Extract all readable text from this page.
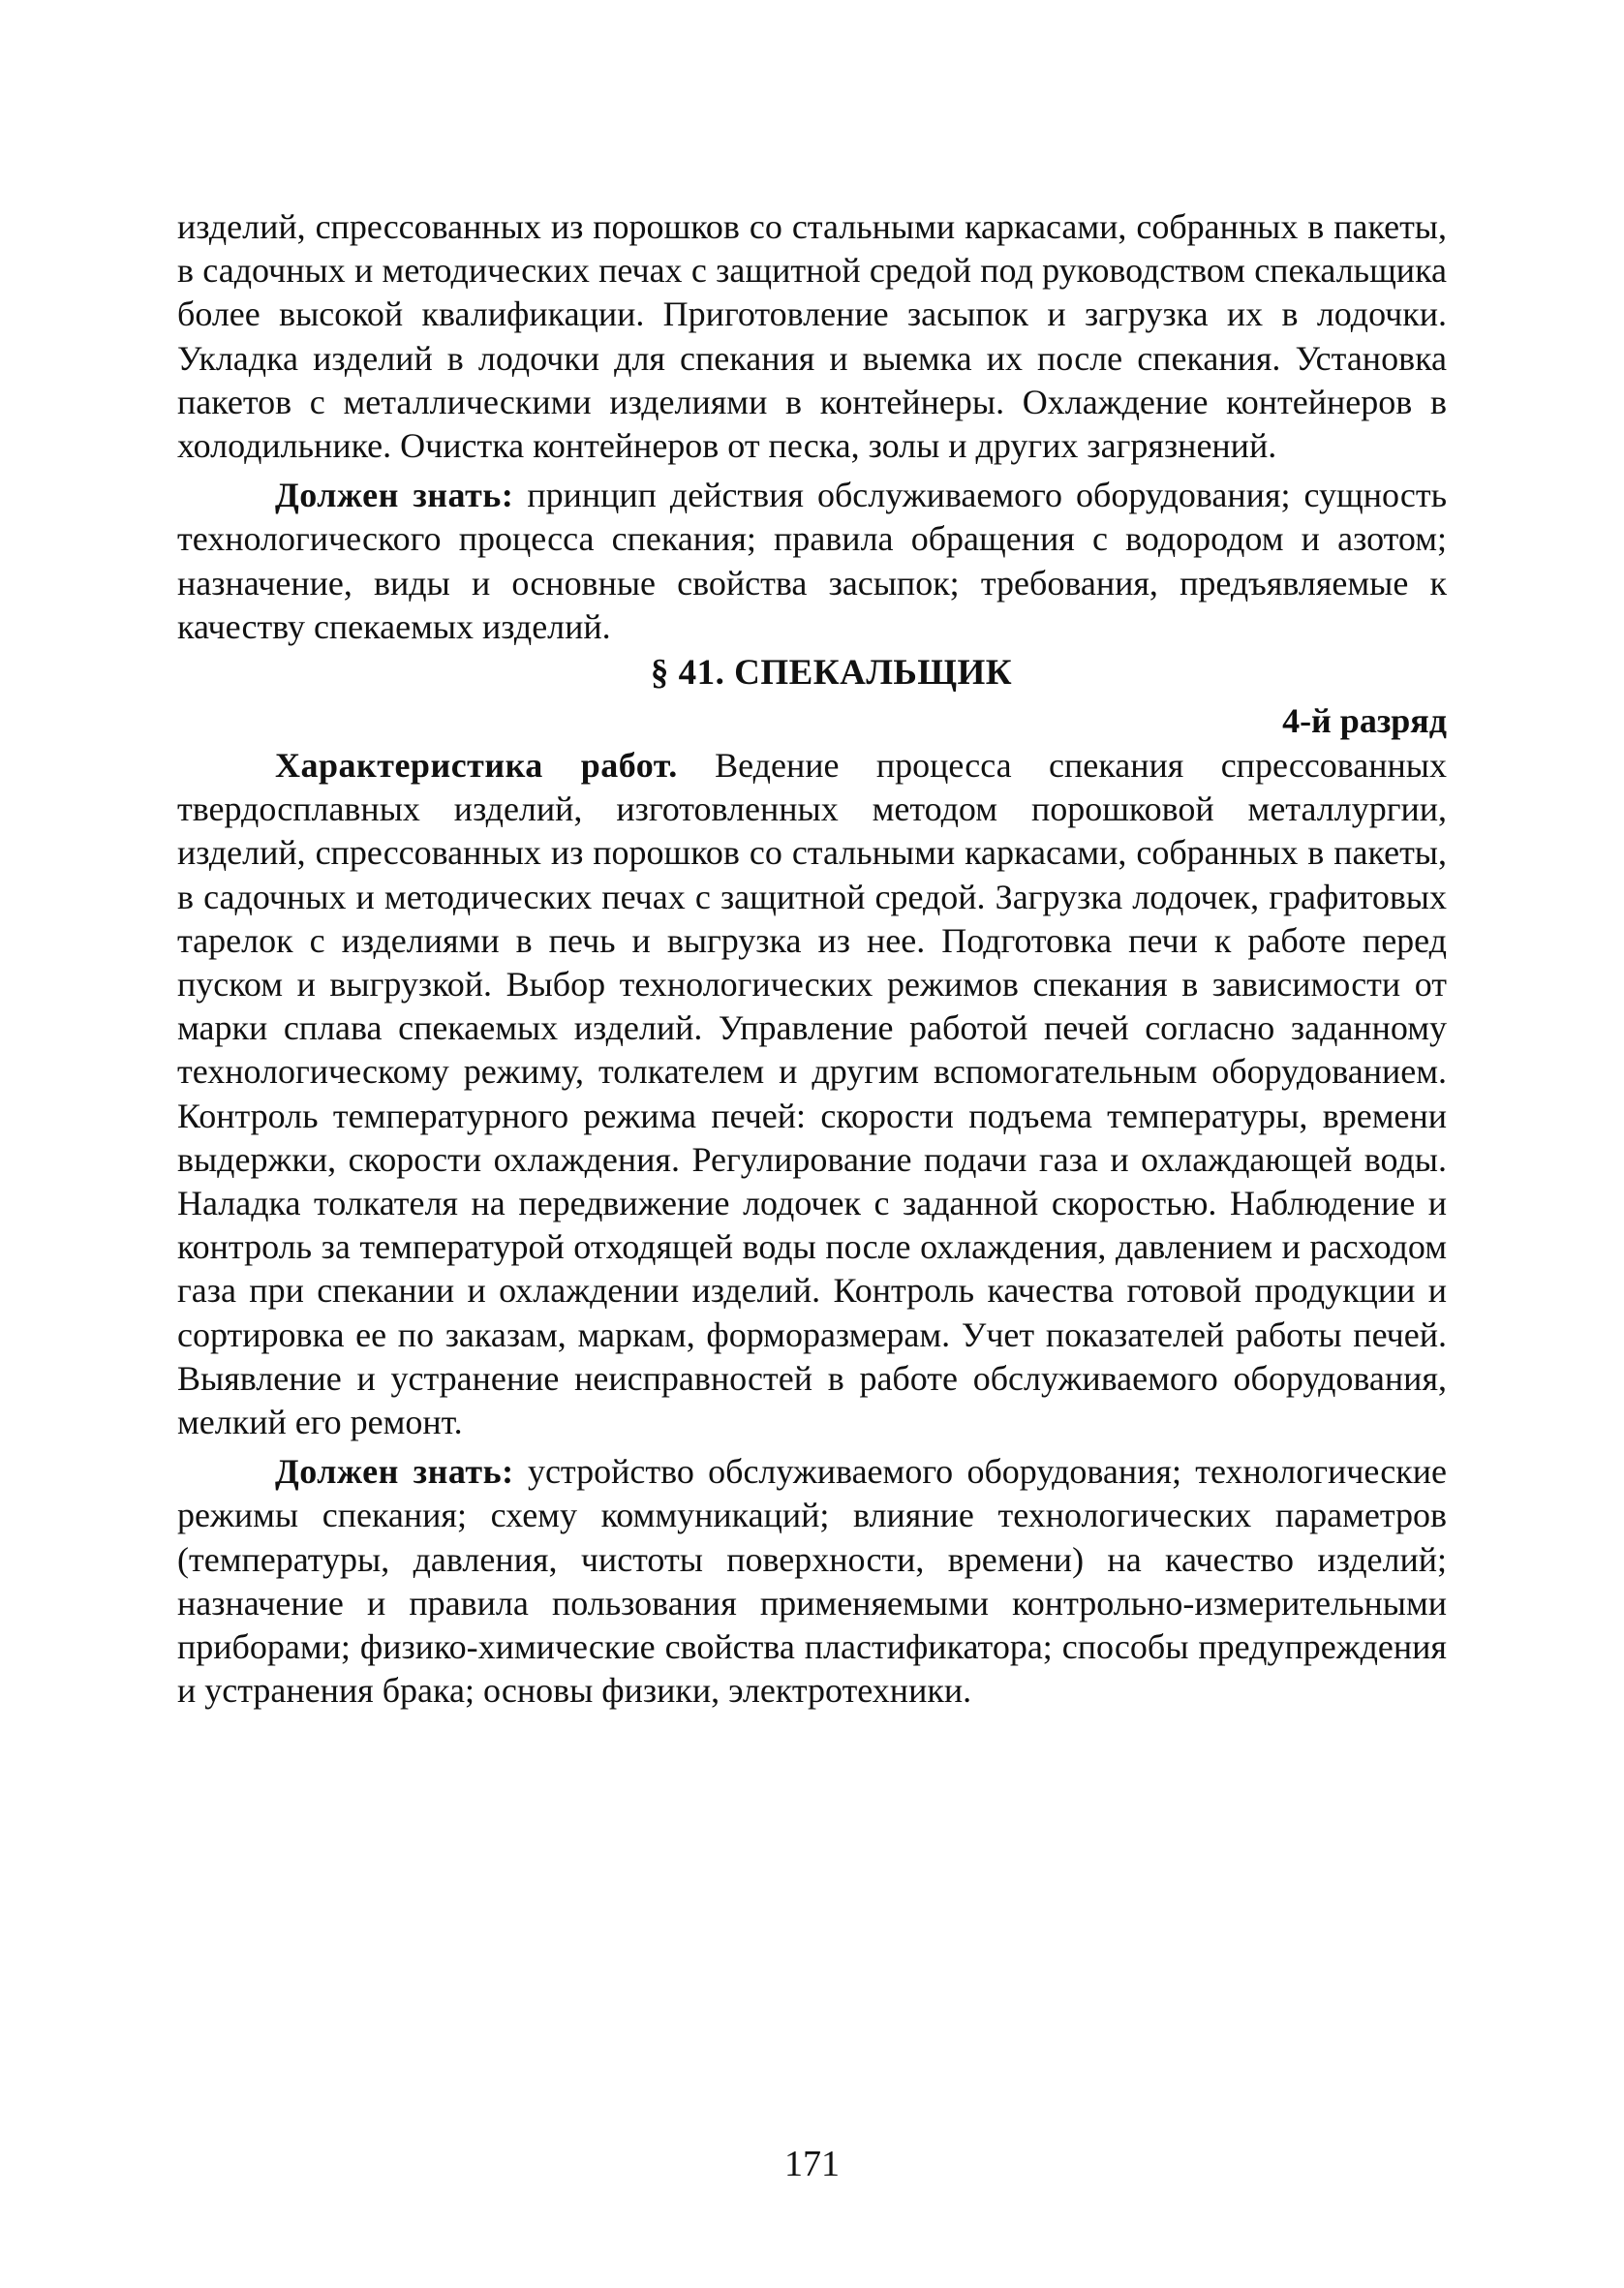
изделий, спрессованных из порошков со стальными каркасами, собранных в пакеты, в садочных и методических печах с защитной средой под руководством спекальщика более высокой квалификации. Приготовление засыпок и загрузка их в лодочки. Укладка изделий в лодочки для спекания и выемка их после спекания. Установка пакетов с металлическими изделиями в контейнеры. Охлаждение контейнеров в холодильнике. Очистка контейнеров от песка, золы и других загрязнений.

Должен знать: принцип действия обслуживаемого оборудования; сущность технологического процесса спекания; правила обращения с водородом и азотом; назначение, виды и основные свойства засыпок; требования, предъявляемые к качеству спекаемых изделий.

§ 41. СПЕКАЛЬЩИК

4-й разряд

Характеристика работ. Ведение процесса спекания спрессованных твердосплавных изделий, изготовленных методом порошковой металлургии, изделий, спрессованных из порошков со стальными каркасами, собранных в пакеты, в садочных и методических печах с защитной средой. Загрузка лодочек, графитовых тарелок с изделиями в печь и выгрузка из нее. Подготовка печи к работе перед пуском и выгрузкой. Выбор технологических режимов спекания в зависимости от марки сплава спекаемых изделий. Управление работой печей согласно заданному технологическому режиму, толкателем и другим вспомогательным оборудованием. Контроль температурного режима печей: скорости подъема температуры, времени выдержки, скорости охлаждения. Регулирование подачи газа и охлаждающей воды. Наладка толкателя на передвижение лодочек с заданной скоростью. Наблюдение и контроль за температурой отходящей воды после охлаждения, давлением и расходом газа при спекании и охлаждении изделий. Контроль качества готовой продукции и сортировка ее по заказам, маркам, форморазмерам. Учет показателей работы печей. Выявление и устранение неисправностей в работе обслуживаемого оборудования, мелкий его ремонт.

Должен знать: устройство обслуживаемого оборудования; технологические режимы спекания; схему коммуникаций; влияние технологических параметров (температуры, давления, чистоты поверхности, времени) на качество изделий; назначение и правила пользования применяемыми контрольно-измерительными приборами; физико-химические свойства пластификатора; способы предупреждения и устранения брака; основы физики, электротехники.

171
